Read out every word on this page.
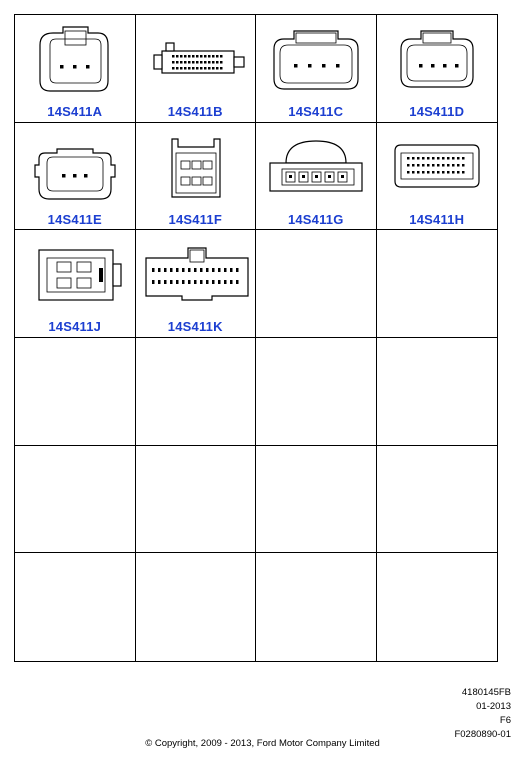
14S411A	14S411B	14S411C	14S411D
14S411E	14S411F	14S411G	14S411H
14S411J	14S411K
4180145FB
01-2013
F6
F0280890-01
© Copyright, 2009 - 2013, Ford Motor Company Limited
